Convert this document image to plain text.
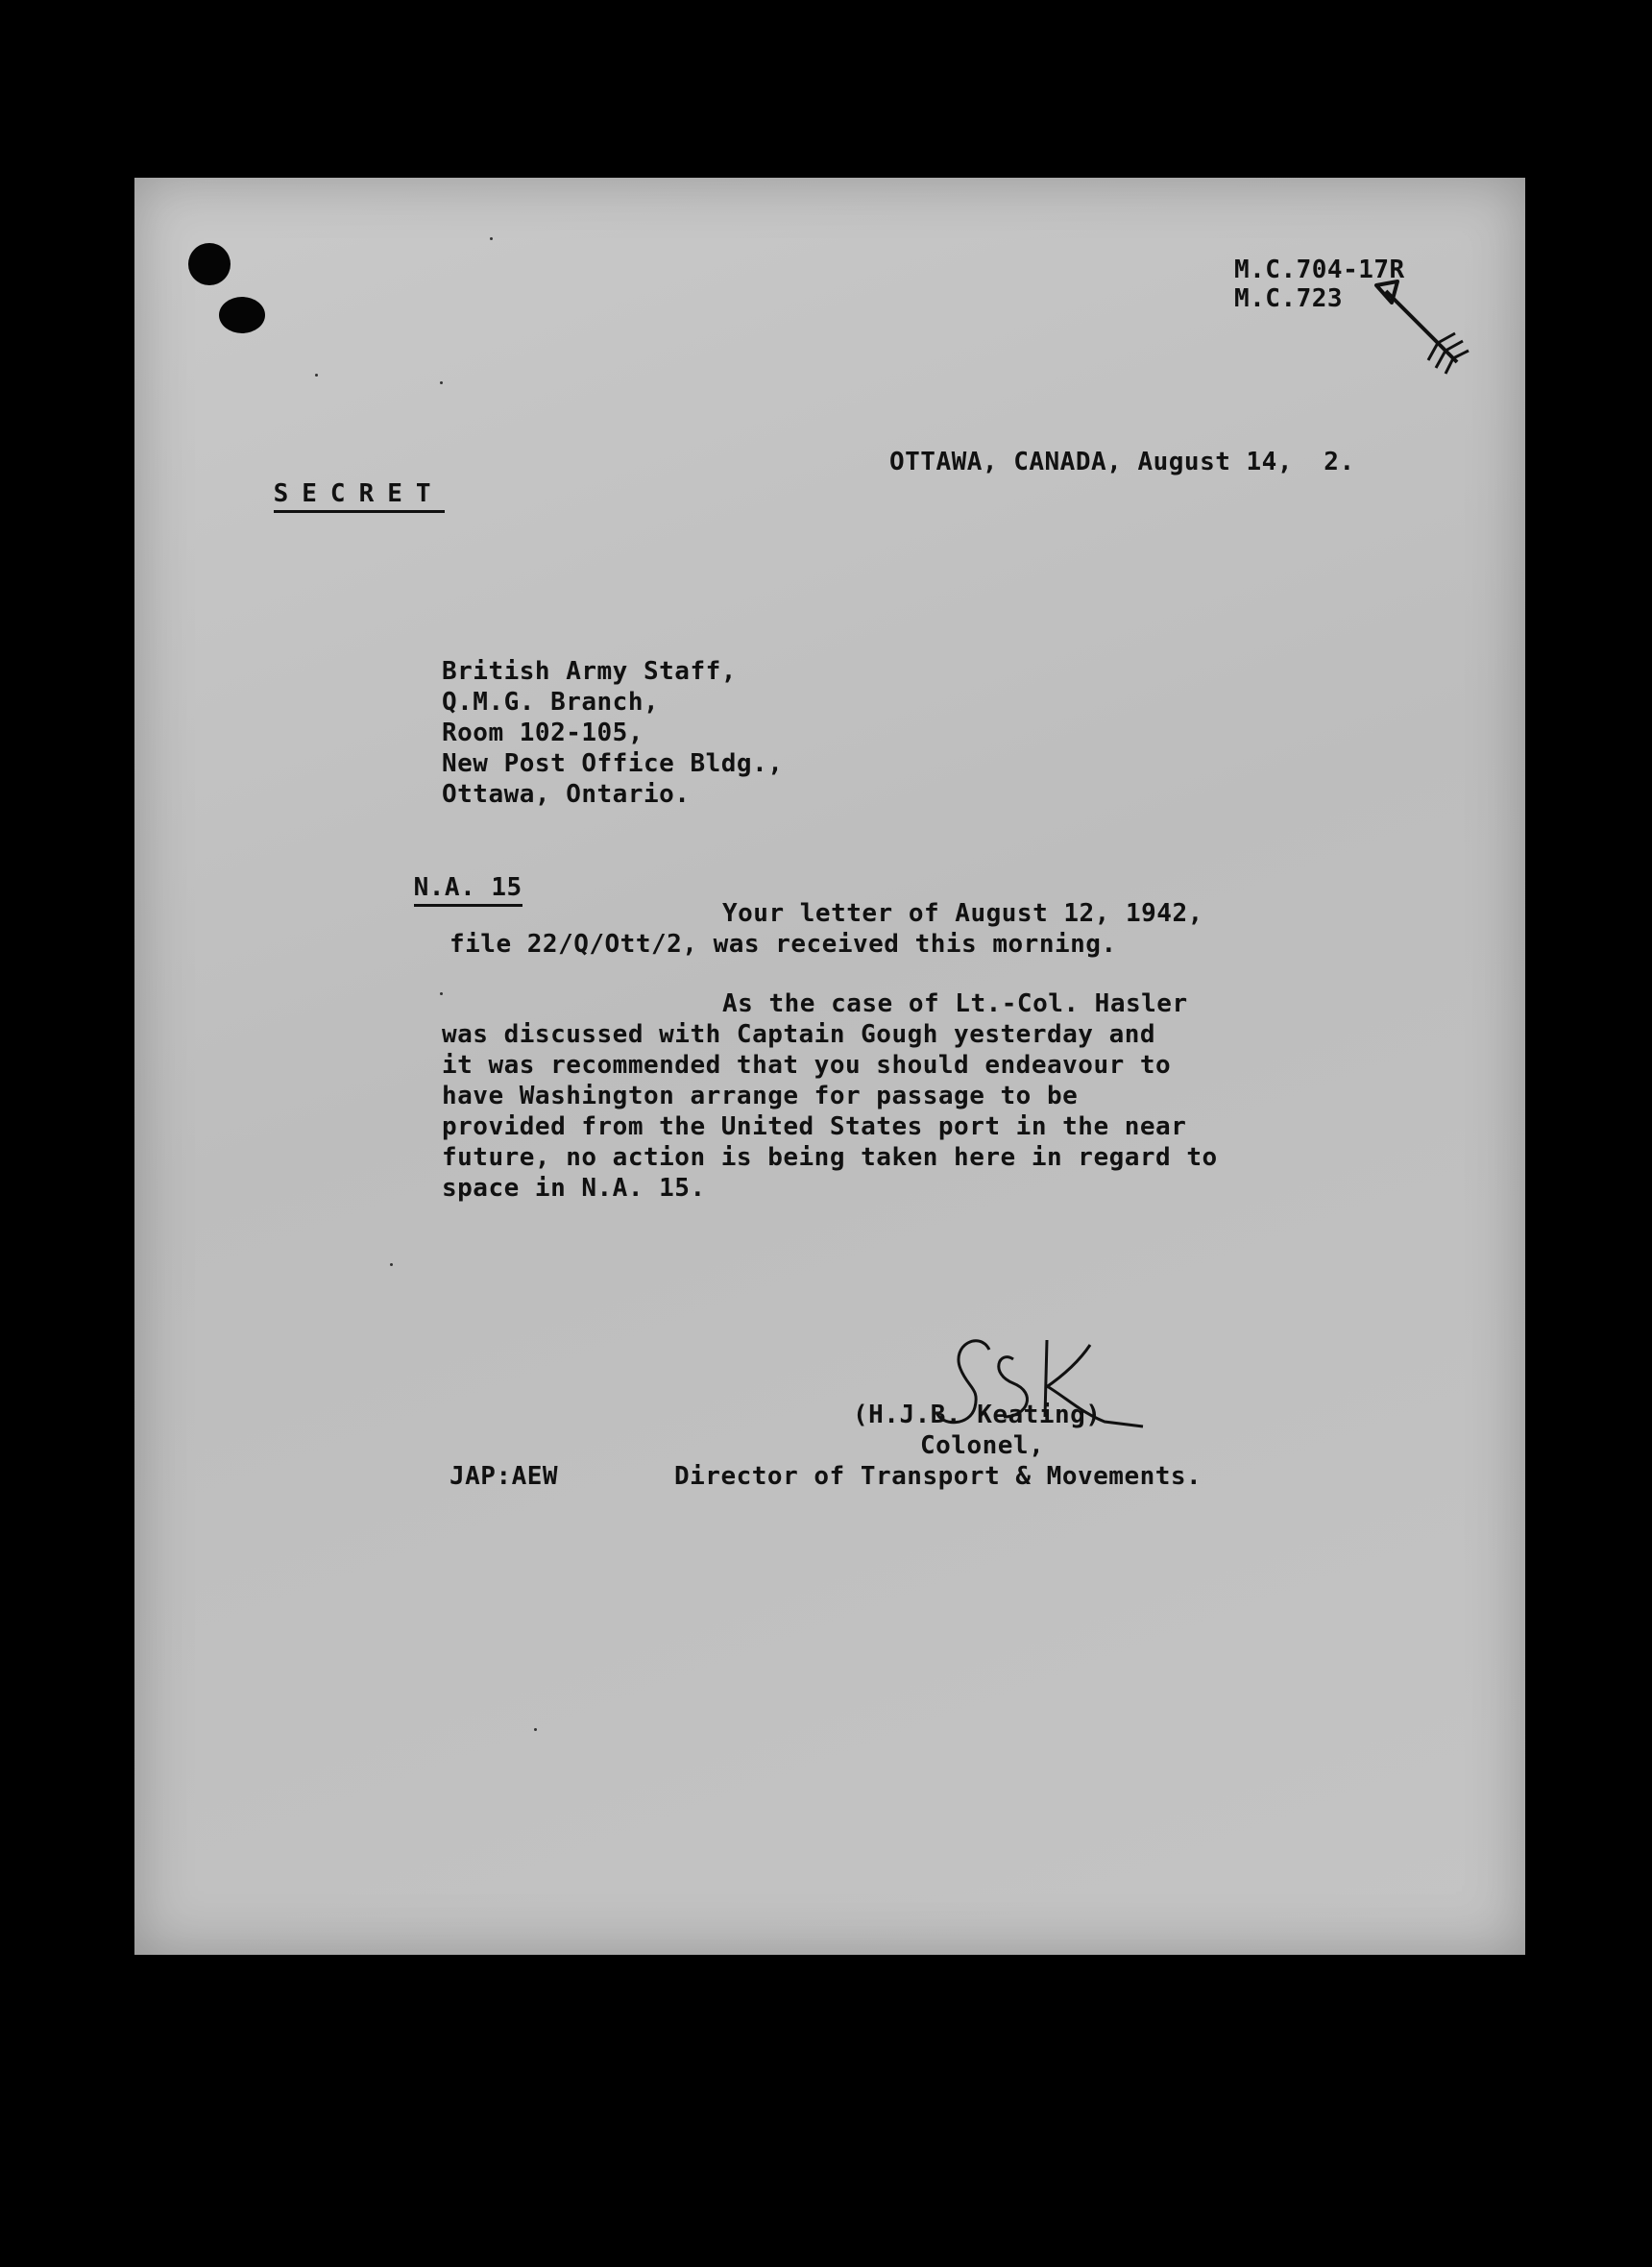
M.C.704-17R
M.C.723

SECRET

OTTAWA, CANADA, August 14,  2.
British Army Staff,
Q.M.G. Branch,
Room 102-105,
New Post Office Bldg.,
Ottawa, Ontario.

N.A. 15

Your letter of August 12, 1942,
file 22/Q/Ott/2, was received this morning.
As the case of Lt.-Col. Hasler
was discussed with Captain Gough yesterday and
it was recommended that you should endeavour to
have Washington arrange for passage to be
provided from the United States port in the near
future, no action is being taken here in regard to
space in N.A. 15.
(H.J.B. Keating)
Colonel,
JAP:AEW	Director of Transport & Movements.
